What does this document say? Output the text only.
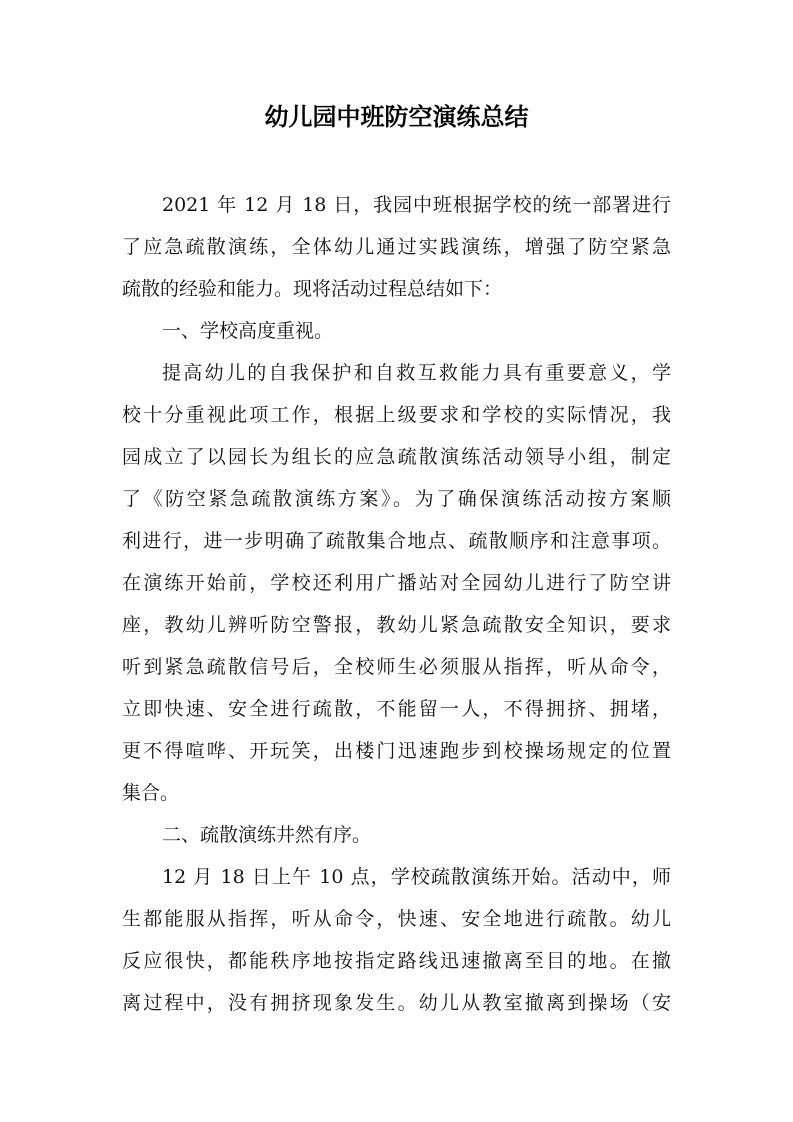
幼儿园中班防空演练总结
2021 年 12 月 18 日，我园中班根据学校的统一部署进行
了应急疏散演练，全体幼儿通过实践演练，增强了防空紧急
疏散的经验和能力。现将活动过程总结如下：
一、学校高度重视。
提高幼儿的自我保护和自救互救能力具有重要意义，学
校十分重视此项工作，根据上级要求和学校的实际情况，我
园成立了以园长为组长的应急疏散演练活动领导小组，制定
了《防空紧急疏散演练方案》。为了确保演练活动按方案顺
利进行，进一步明确了疏散集合地点、疏散顺序和注意事项。
在演练开始前，学校还利用广播站对全园幼儿进行了防空讲
座，教幼儿辨听防空警报，教幼儿紧急疏散安全知识，要求
听到紧急疏散信号后，全校师生必须服从指挥，听从命令，
立即快速、安全进行疏散，不能留一人，不得拥挤、拥堵，
更不得喧哗、开玩笑，出楼门迅速跑步到校操场规定的位置
集合。
二、疏散演练井然有序。
12 月 18 日上午 10 点，学校疏散演练开始。活动中，师
生都能服从指挥，听从命令，快速、安全地进行疏散。幼儿
反应很快，都能秩序地按指定路线迅速撤离至目的地。在撤
离过程中，没有拥挤现象发生。幼儿从教室撤离到操场（安
